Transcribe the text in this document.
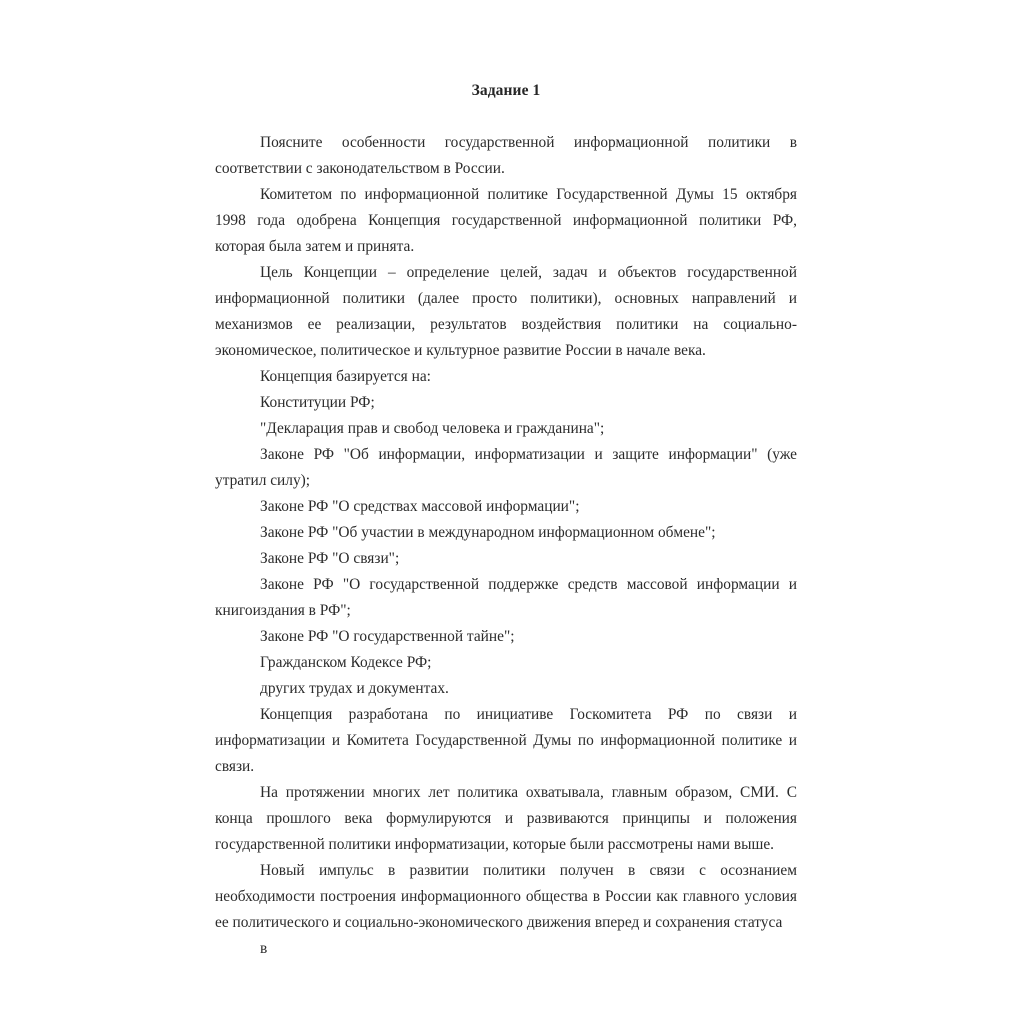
Задание 1

Поясните особенности государственной информационной политики в соответствии с законодательством в России.

Комитетом по информационной политике Государственной Думы 15 октября 1998 года одобрена Концепция государственной информационной политики РФ, которая была затем и принята.

Цель Концепции – определение целей, задач и объектов государственной информационной политики (далее просто политики), основных направлений и механизмов ее реализации, результатов воздействия политики на социально-экономическое, политическое и культурное развитие России в начале века.

Концепция базируется на:

Конституции РФ;

"Декларация прав и свобод человека и гражданина";

Законе РФ "Об информации, информатизации и защите информации" (уже утратил силу);

Законе РФ "О средствах массовой информации";

Законе РФ "Об участии в международном информационном обмене";

Законе РФ "О связи";

Законе РФ "О государственной поддержке средств массовой информации и книгоиздания в РФ";

Законе РФ "О государственной тайне";

Гражданском Кодексе РФ;

других трудах и документах.

Концепция разработана по инициативе Госкомитета РФ по связи и информатизации и Комитета Государственной Думы по информационной политике и связи.

На протяжении многих лет политика охватывала, главным образом, СМИ. С конца прошлого века формулируются и развиваются принципы и положения государственной политики информатизации, которые были рассмотрены нами выше.

Новый импульс в развитии политики получен в связи с осознанием необходимости построения информационного общества в России как главного условия ее политического и социально-экономического движения вперед и сохранения статуса

в
